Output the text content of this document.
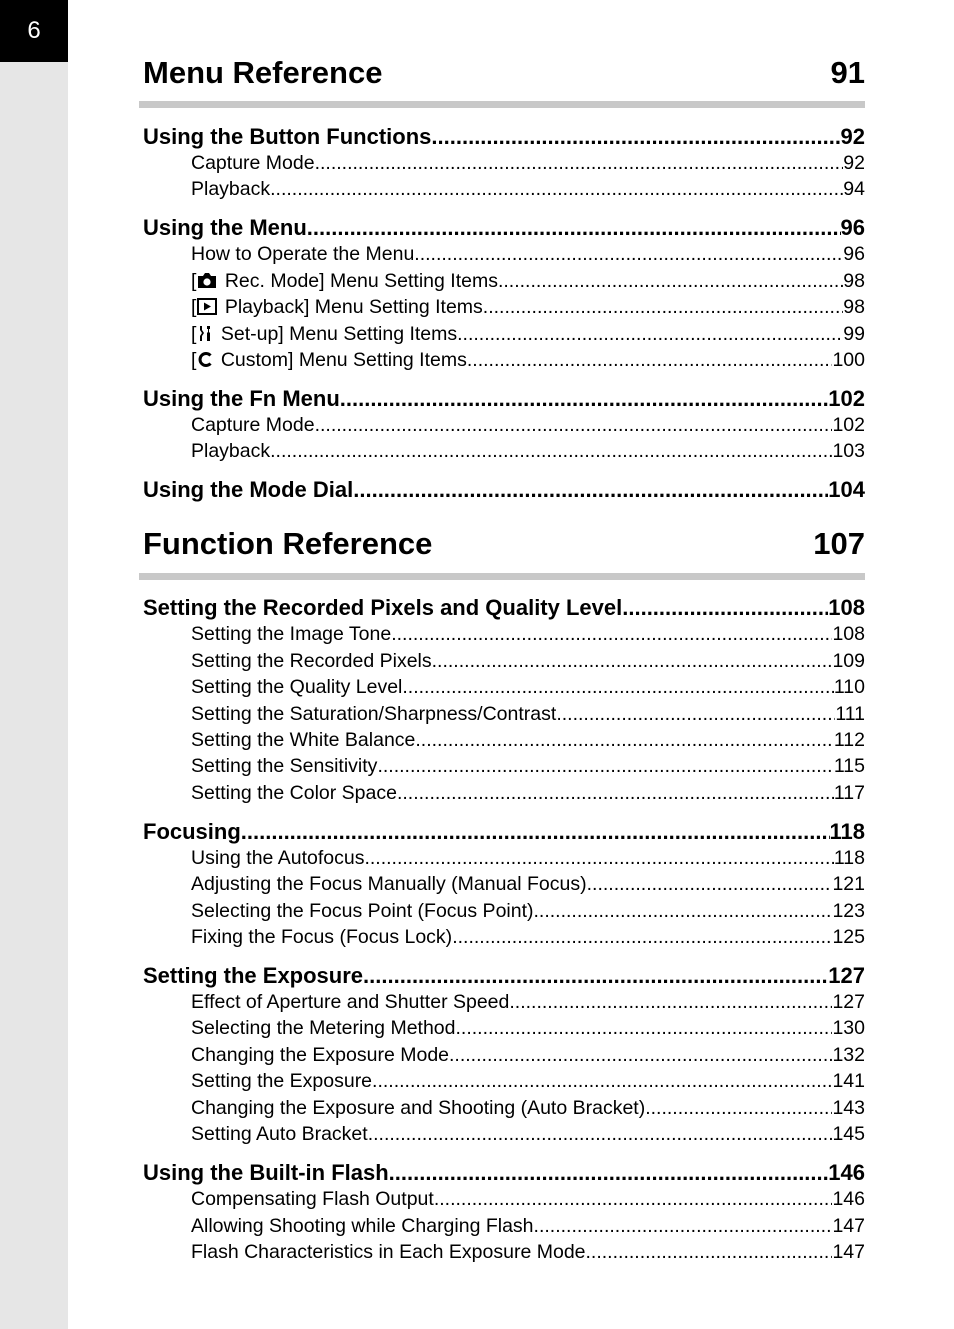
6
Menu Reference	91
Function Reference	107
Using the Button Functions .....	92
Capture Mode .....	92
Playback .....	94
Using the Menu .....	96
How to Operate the Menu .....	96
[ Rec. Mode] Menu Setting Items .....	98
[ Playback] Menu Setting Items .....	98
[ Set-up] Menu Setting Items .....	99
[ Custom] Menu Setting Items .....	100
Using the Fn Menu .....	102
Capture Mode .....	102
Playback .....	103
Using the Mode Dial .....	104
Setting the Recorded Pixels and Quality Level .....	108
Setting the Image Tone .....	108
Setting the Recorded Pixels .....	109
Setting the Quality Level .....	110
Setting the Saturation/Sharpness/Contrast .....	111
Setting the White Balance .....	112
Setting the Sensitivity .....	115
Setting the Color Space .....	117
Focusing .....	118
Using the Autofocus .....	118
Adjusting the Focus Manually (Manual Focus) .....	121
Selecting the Focus Point (Focus Point) .....	123
Fixing the Focus (Focus Lock) .....	125
Setting the Exposure .....	127
Effect of Aperture and Shutter Speed .....	127
Selecting the Metering Method .....	130
Changing the Exposure Mode .....	132
Setting the Exposure .....	141
Changing the Exposure and Shooting (Auto Bracket) .....	143
Setting Auto Bracket .....	145
Using the Built-in Flash .....	146
Compensating Flash Output .....	146
Allowing Shooting while Charging Flash .....	147
Flash Characteristics in Each Exposure Mode .....	147
